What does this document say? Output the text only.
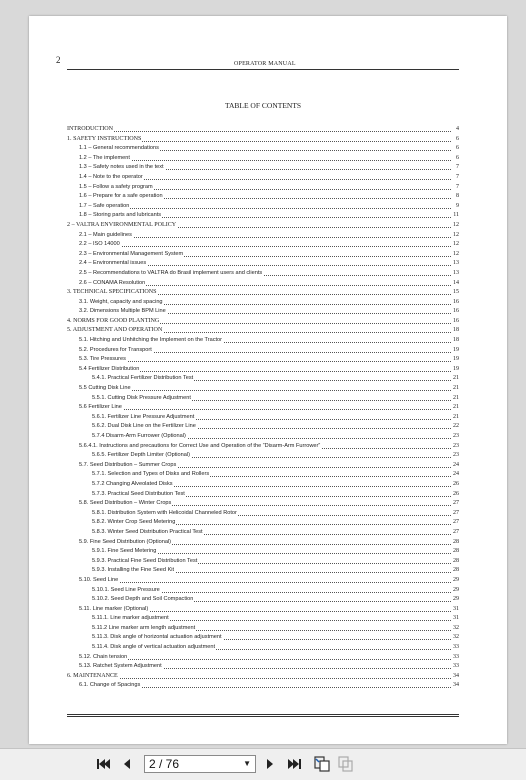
2	OPERATOR MANUAL
TABLE OF CONTENTS
INTRODUCTION	4
1. SAFETY INSTRUCTIONS	6
1.1 – General recommendations	6
1.2 – The implement	6
1.3 – Safety notes used in the text	7
1.4 – Note to the operator	7
1.5 – Follow a safety program	7
1.6 – Prepare for a safe operation	8
1.7 – Safe operation	9
1.8 – Storing parts and lubricants	11
2 – VALTRA ENVIRONMENTAL POLICY	12
2.1 – Main guidelines	12
2.2 – ISO 14000	12
2.3 – Environmental Management System	12
2.4 – Environmental issues	13
2.5 – Recommendations to VALTRA do Brasil implement users and clients	13
2.6 – CONAMA Resolution	14
3. TECHNICAL SPECIFICATIONS	15
3.1. Weight, capacity and spacing	16
3.2. Dimensions Multiple BPM Line	16
4. NORMS FOR GOOD PLANTING	16
5. ADJUSTMENT AND OPERATION	18
5.1. Hitching and Unhitching the Implement on the Tractor	18
5.2. Procedures for Transport	19
5.3. Tire Pressures	19
5.4 Fertilizer Distribution	19
5.4.1. Practical Fertilizer Distribution Test	21
5.5 Cutting Disk Line	21
5.5.1. Cutting Disk Pressure Adjustment	21
5.6 Fertilizer Line	21
5.6.1. Fertilizer Line Pressure Adjustment	21
5.6.2. Dual Disk Line on the Fertilizer Line	22
5.7.4 Disarm-Arm Furrower (Optional)	23
5.6.4.1. Instructions and precautions for Correct Use and Operation of the “Disarm-Arm Furrower”	23
5.6.5. Fertilizer Depth Limiter (Optional)	23
5.7. Seed Distribution – Summer Crops	24
5.7.1. Selection and Types of Disks and Rollers	24
5.7.2 Changing Alveolated Disks	26
5.7.3. Practical Seed Distribution Test	26
5.8. Seed Distribution – Winter Crops	27
5.8.1. Distribution System with Helicoidal Channeled Rotor	27
5.8.2. Winter Crop Seed Metering	27
5.8.3. Winter Seed Distribution Practical Test	27
5.9. Fine Seed Distribution (Optional)	28
5.9.1. Fine Seed Metering	28
5.9.3. Practical Fine Seed Distribution Test	28
5.9.3. Installing the Fine Seed Kit	28
5.10. Seed Line	29
5.10.1. Seed Line Pressure	29
5.10.2. Seed Depth and Soil Compaction	29
5.11. Line marker (Optional)	31
5.11.1. Line marker adjustment	31
5.11.2 Line marker arm length adjustment	32
5.11.3. Disk angle of horizontal actuation adjustment	32
5.11.4. Disk angle of vertical actuation adjustment	33
5.12. Chain tension	33
5.13. Ratchet System Adjustment	33
6. MAINTENANCE	34
6.1. Change of Spacings	34
2 / 76	▼
